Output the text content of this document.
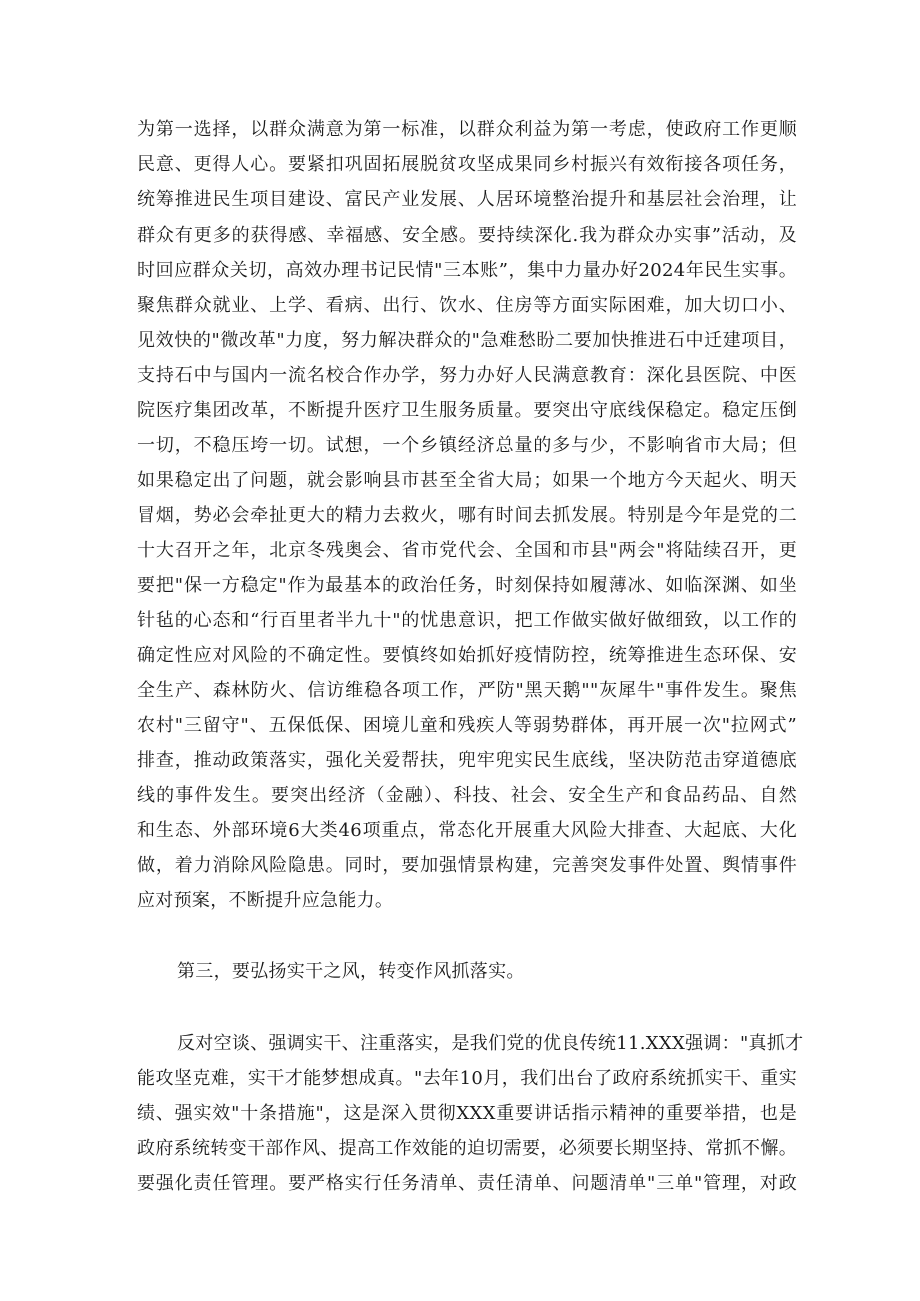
为第一选择，以群众满意为第一标准，以群众利益为第一考虑，使政府工作更顺
民意、更得人心。要紧扣巩固拓展脱贫攻坚成果同乡村振兴有效衔接各项任务，
统筹推进民生项目建设、富民产业发展、人居环境整治提升和基层社会治理，让
群众有更多的获得感、幸福感、安全感。要持续深化.我为群众办实事”活动，及
时回应群众关切，高效办理书记民情"三本账”，集中力量办好2024年民生实事。
聚焦群众就业、上学、看病、出行、饮水、住房等方面实际困难，加大切口小、
见效快的"微改革"力度，努力解决群众的"急难愁盼二要加快推进石中迁建项目，
支持石中与国内一流名校合作办学，努力办好人民满意教育：深化县医院、中医
院医疗集团改革，不断提升医疗卫生服务质量。要突出守底线保稳定。稳定压倒
一切，不稳压垮一切。试想，一个乡镇经济总量的多与少，不影响省市大局；但
如果稳定出了问题，就会影响县市甚至全省大局；如果一个地方今天起火、明天
冒烟，势必会牵扯更大的精力去救火，哪有时间去抓发展。特别是今年是党的二
十大召开之年，北京冬残奥会、省市党代会、全国和市县"两会"将陆续召开，更
要把"保一方稳定"作为最基本的政治任务，时刻保持如履薄冰、如临深渊、如坐
针毡的心态和“行百里者半九十"的忧患意识，把工作做实做好做细致，以工作的
确定性应对风险的不确定性。要慎终如始抓好疫情防控，统筹推进生态环保、安
全生产、森林防火、信访维稳各项工作，严防"黑天鹅""灰犀牛"事件发生。聚焦
农村"三留守"、五保低保、困境儿童和残疾人等弱势群体，再开展一次"拉网式”
排查，推动政策落实，强化关爱帮扶，兜牢兜实民生底线，坚决防范击穿道德底
线的事件发生。要突出经济（金融）、科技、社会、安全生产和食品药品、自然
和生态、外部环境6大类46项重点，常态化开展重大风险大排查、大起底、大化
做，着力消除风险隐患。同时，要加强情景构建，完善突发事件处置、舆情事件
应对预案，不断提升应急能力。
第三，要弘扬实干之风，转变作风抓落实。
反对空谈、强调实干、注重落实，是我们党的优良传统11.XXX强调："真抓才
能攻坚克难，实干才能梦想成真。"去年10月，我们出台了政府系统抓实干、重实
绩、强实效"十条措施"，这是深入贯彻XXX重要讲话指示精神的重要举措，也是
政府系统转变干部作风、提高工作效能的迫切需要，必须要长期坚持、常抓不懈。
要强化责任管理。要严格实行任务清单、责任清单、问题清单"三单"管理，对政
